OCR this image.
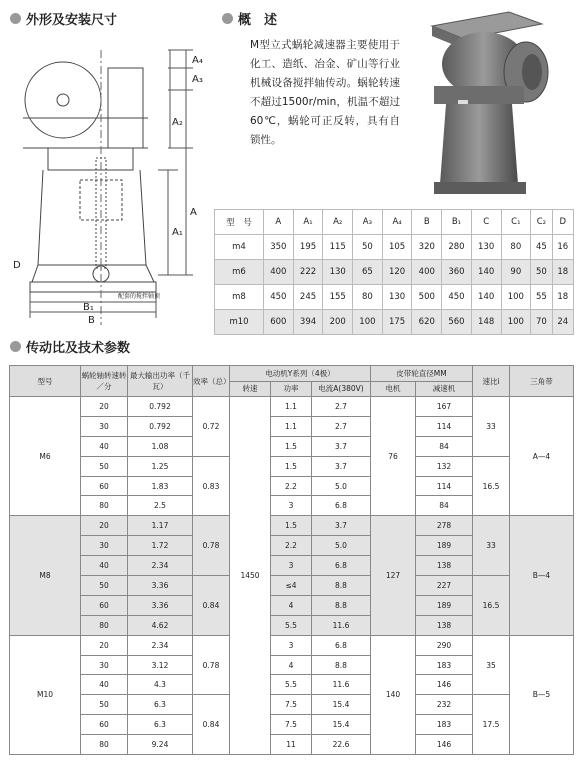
外形及安装尺寸	概　述
传动比及技术参数
A₄
A₃
A₂
A
A₁
D
B₁
B
配套的搅拌轴顶
M型立式蜗轮减速器主要使用于化工、造纸、冶金、矿山等行业机械设备搅拌轴传动。蜗轮转速不超过1500r/min，机温不超过60℃，蜗轮可正反转，具有自锁性。
型　号	A	A₁	A₂	A₃	A₄	B	B₁	C	C₁	C₂	D
m4	350	195	115	50	105	320	280	130	80	45	16
m6	400	222	130	65	120	400	360	140	90	50	18
m8	450	245	155	80	130	500	450	140	100	55	18
m10	600	394	200	100	175	620	560	148	100	70	24
型号	蜗轮轴转速转／分	最大输出功率（千瓦）	效率（总）	电动机Y系列（4极）			皮带轮直径MM		速比i	三角带
				转速	功率	电流A(380V)	电机	减速机		
M6	20	0.792	0.72	1450	1.1	2.7	76	167	33	A—4
	30	0.792			1.1	2.7		114		
	40	1.08			1.5	3.7		84		
	50	1.25	0.83		1.5	3.7		132	16.5	
	60	1.83			2.2	5.0		114		
	80	2.5			3	6.8		84		
M8	20	1.17	0.78		1.5	3.7	127	278	33	B—4
	30	1.72			2.2	5.0		189		
	40	2.34			3	6.8		138		
	50	3.36	0.84		≤4	8.8		227	16.5	
	60	3.36			4	8.8		189		
	80	4.62			5.5	11.6		138		
M10	20	2.34	0.78		3	6.8	140	290	35	B—5
	30	3.12			4	8.8		183		
	40	4.3			5.5	11.6		146		
	50	6.3	0.84		7.5	15.4		232	17.5	
	60	6.3			7.5	15.4		183		
	80	9.24			11	22.6		146		
